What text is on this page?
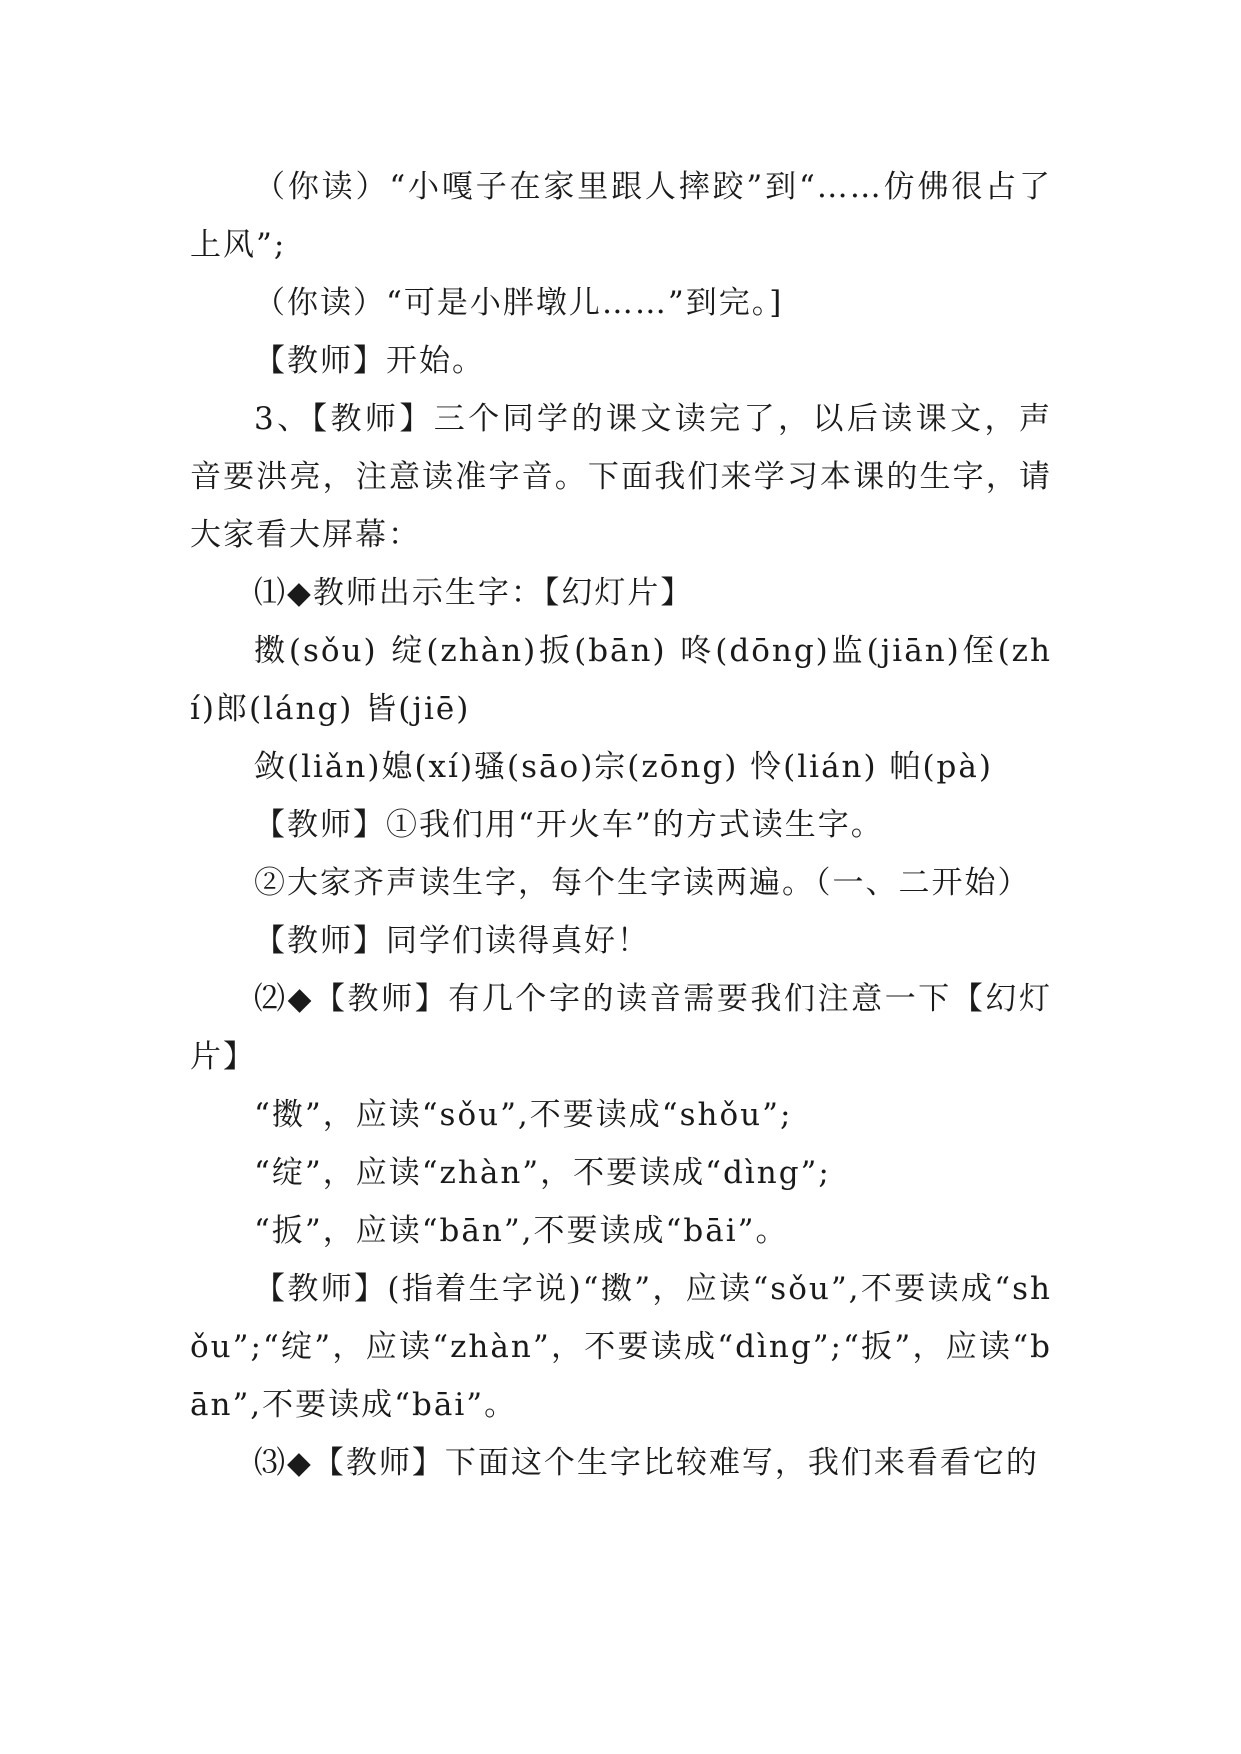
（你读）“小嘎子在家里跟人摔跤”到“……仿佛很占了上风”;

（你读）“可是小胖墩儿……”到完。]

【教师】开始。

3、【教师】三个同学的课文读完了，以后读课文，声音要洪亮，注意读准字音。下面我们来学习本课的生字，请大家看大屏幕：

⑴◆教师出示生字：【幻灯片】

擞(sǒu) 绽(zhàn)扳(bān) 咚(dōng)监(jiān)侄(zhí)郎(láng) 皆(jiē)

敛(liǎn)媳(xí)骚(sāo)宗(zōng) 怜(lián) 帕(pà)

【教师】①我们用“开火车”的方式读生字。

②大家齐声读生字，每个生字读两遍。（一、二开始）

【教师】同学们读得真好！

⑵◆【教师】有几个字的读音需要我们注意一下【幻灯片】

“擞”，应读“sǒu”,不要读成“shǒu”;

“绽”，应读“zhàn”，不要读成“dìng”;

“扳”，应读“bān”,不要读成“bāi”。

【教师】(指着生字说)“擞”，应读“sǒu”,不要读成“shǒu”;“绽”，应读“zhàn”，不要读成“dìng”;“扳”，应读“bān”,不要读成“bāi”。

⑶◆【教师】下面这个生字比较难写，我们来看看它的
